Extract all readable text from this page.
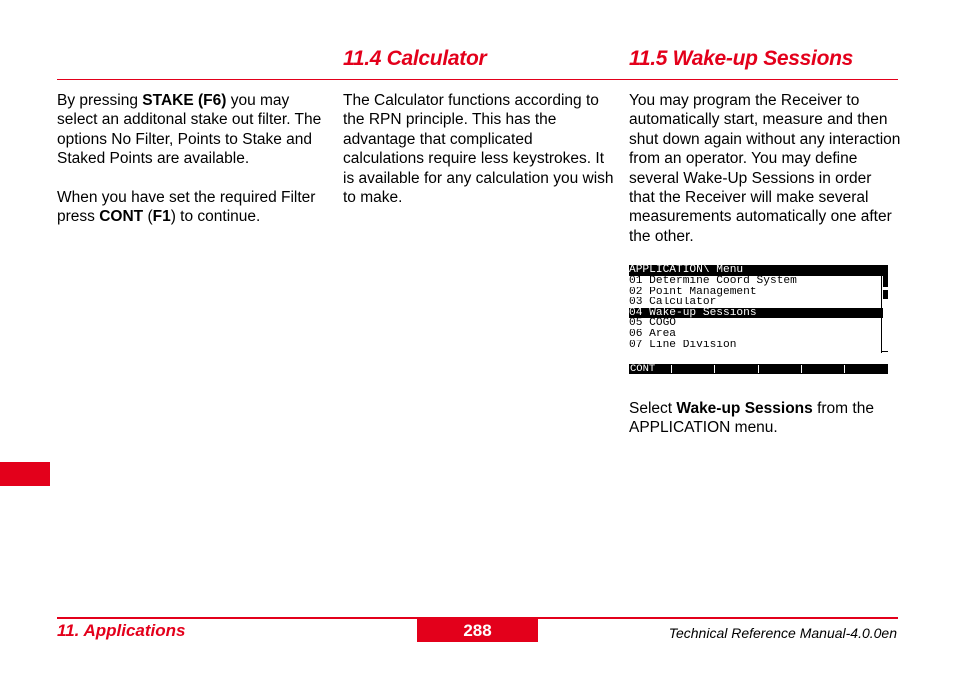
11.4 Calculator	11.5 Wake-up Sessions

By pressing STAKE (F6) you may select an additonal stake out filter. The options No Filter, Points to Stake and Staked Points are available.

When you have set the required Filter press CONT (F1) to continue.

The Calculator functions according to the RPN principle. This has the advantage that complicated calculations require less keystrokes. It is available for any calculation you wish to make.

You may program the Receiver to automatically start, measure and then shut down again without any interaction from an operator. You may define several Wake-Up Sessions in order that the Receiver will make several measurements automatically one after the other.

APPLICATION\ Menu
01 Determine Coord System
02 Point Management
03 Calculator
04 Wake-up Sessions
05 COGO
06 Area
07 Line Division
CONT

Select Wake-up Sessions from the APPLICATION menu.

11. Applications	288	Technical Reference Manual-4.0.0en
